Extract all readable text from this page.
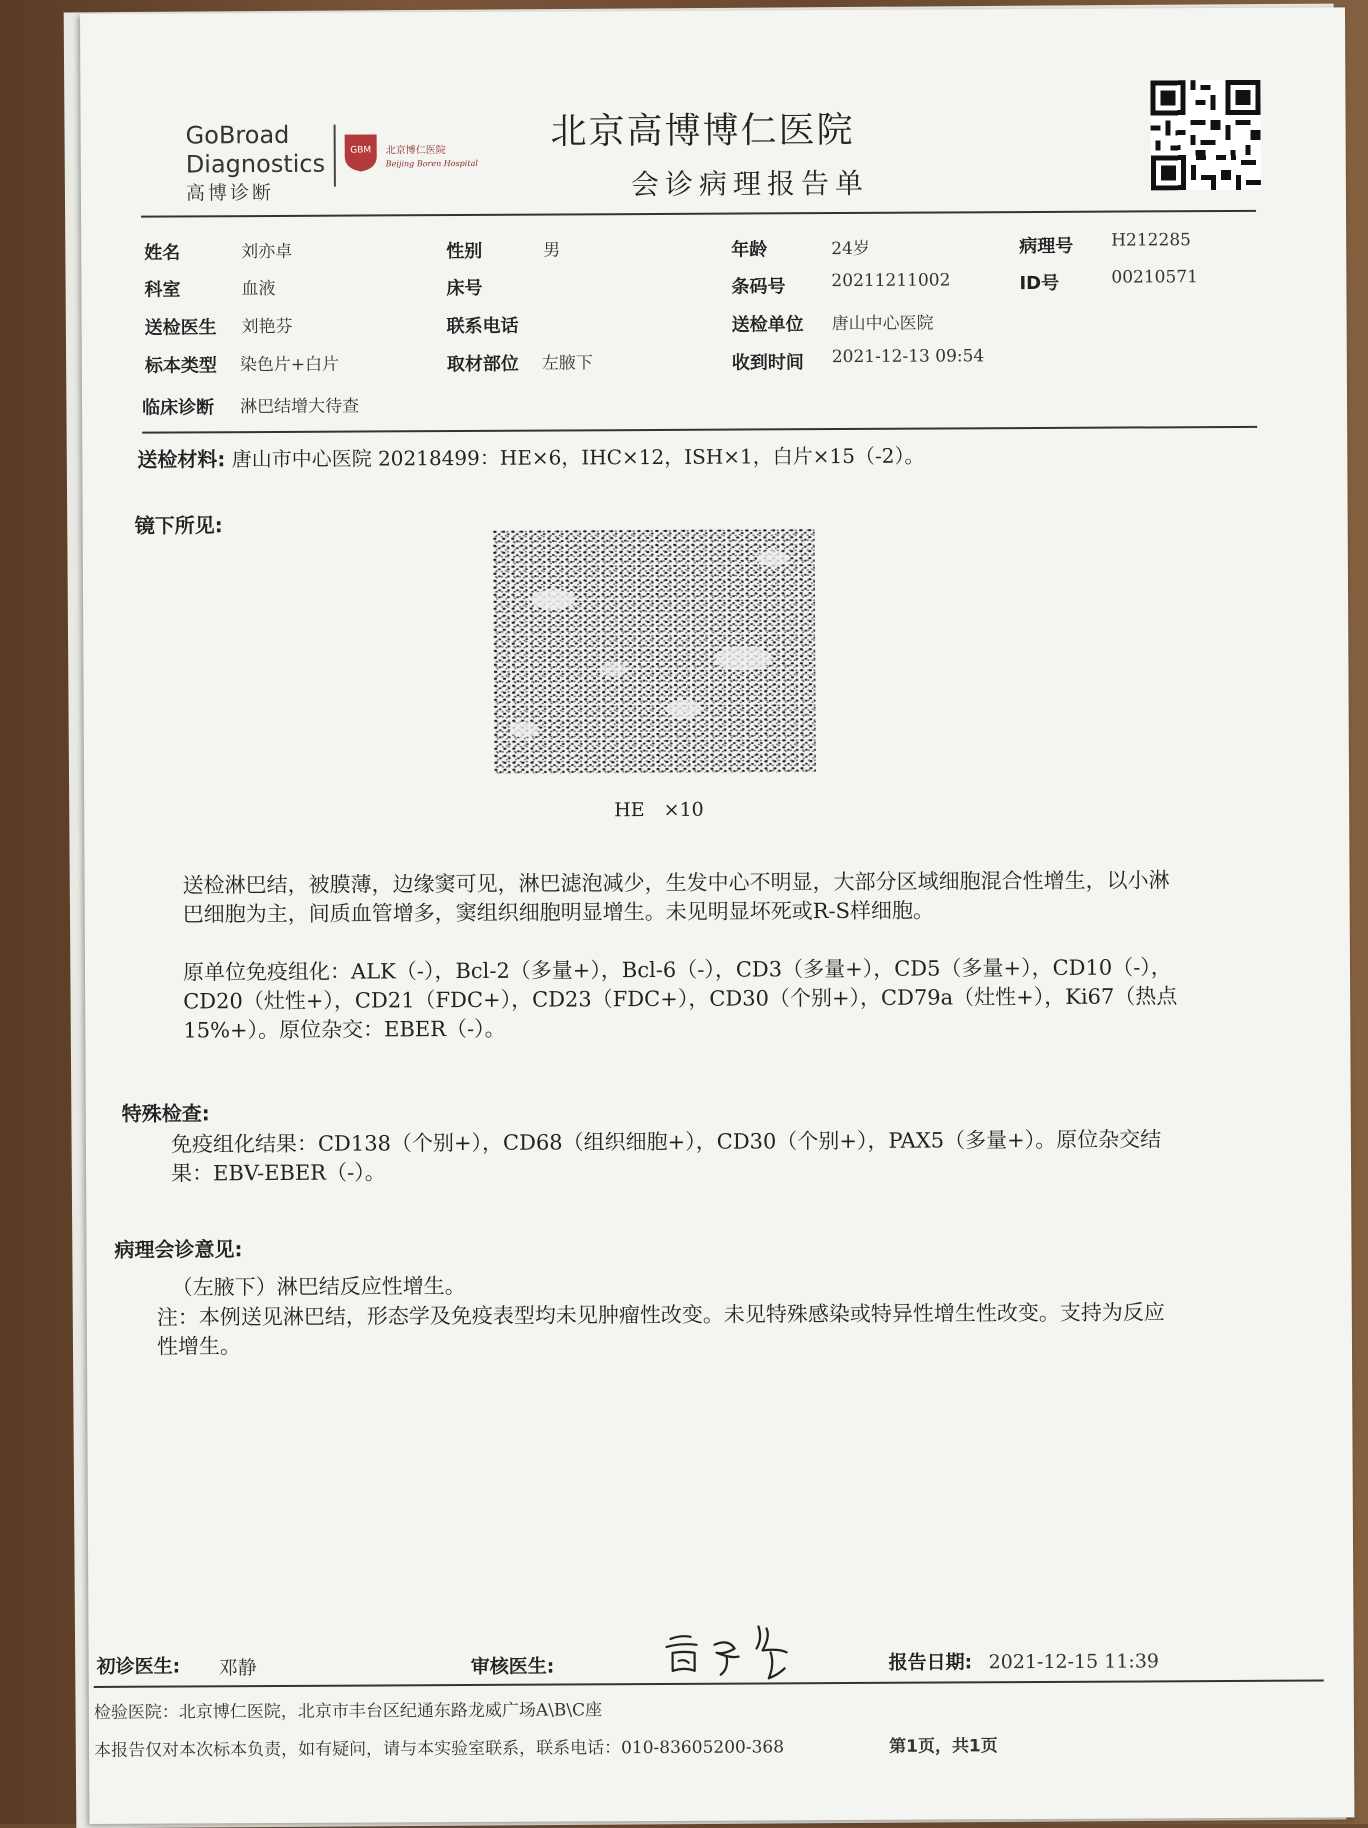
GoBroad
Diagnostics
高博诊断
GBM 北京博仁医院
Beijing Boren Hospital
北京高博博仁医院
会诊病理报告单
姓名	刘亦卓	性别	男	年龄	24岁	病理号 H212285
科室	血液	床号	条码号	20211211002	ID号	00210571
送检医生 刘艳芬	联系电话	送检单位 唐山中心医院
标本类型 染色片+白片	取材部位 左腋下	收到时间 2021-12-13 09:54
临床诊断 淋巴结增大待查
送检材料: 唐山市中心医院 20218499：HE×6，IHC×12，ISH×1，白片×15（-2）。
镜下所见:
HE　×10
送检淋巴结，被膜薄，边缘窦可见，淋巴滤泡减少，生发中心不明显，大部分区域细胞混合性增生，以小淋巴细胞为主，间质血管增多，窦组织细胞明显增生。未见明显坏死或R-S样细胞。
原单位免疫组化：ALK（-），Bcl-2（多量+），Bcl-6（-），CD3（多量+），CD5（多量+），CD10（-），CD20（灶性+），CD21（FDC+），CD23（FDC+），CD30（个别+），CD79a（灶性+），Ki67（热点15%+）。原位杂交：EBER（-）。
特殊检查:
免疫组化结果：CD138（个别+），CD68（组织细胞+），CD30（个别+），PAX5（多量+）。原位杂交结果：EBV-EBER（-）。
病理会诊意见:
（左腋下）淋巴结反应性增生。
注：本例送见淋巴结，形态学及免疫表型均未见肿瘤性改变。未见特殊感染或特异性增生性改变。支持为反应性增生。
初诊医生: 邓静	审核医生:	报告日期: 2021-12-15 11:39
检验医院：北京博仁医院，北京市丰台区纪通东路龙威广场A\B\C座
本报告仅对本次标本负责，如有疑问，请与本实验室联系，联系电话：010-83605200-368	第1页，共1页
